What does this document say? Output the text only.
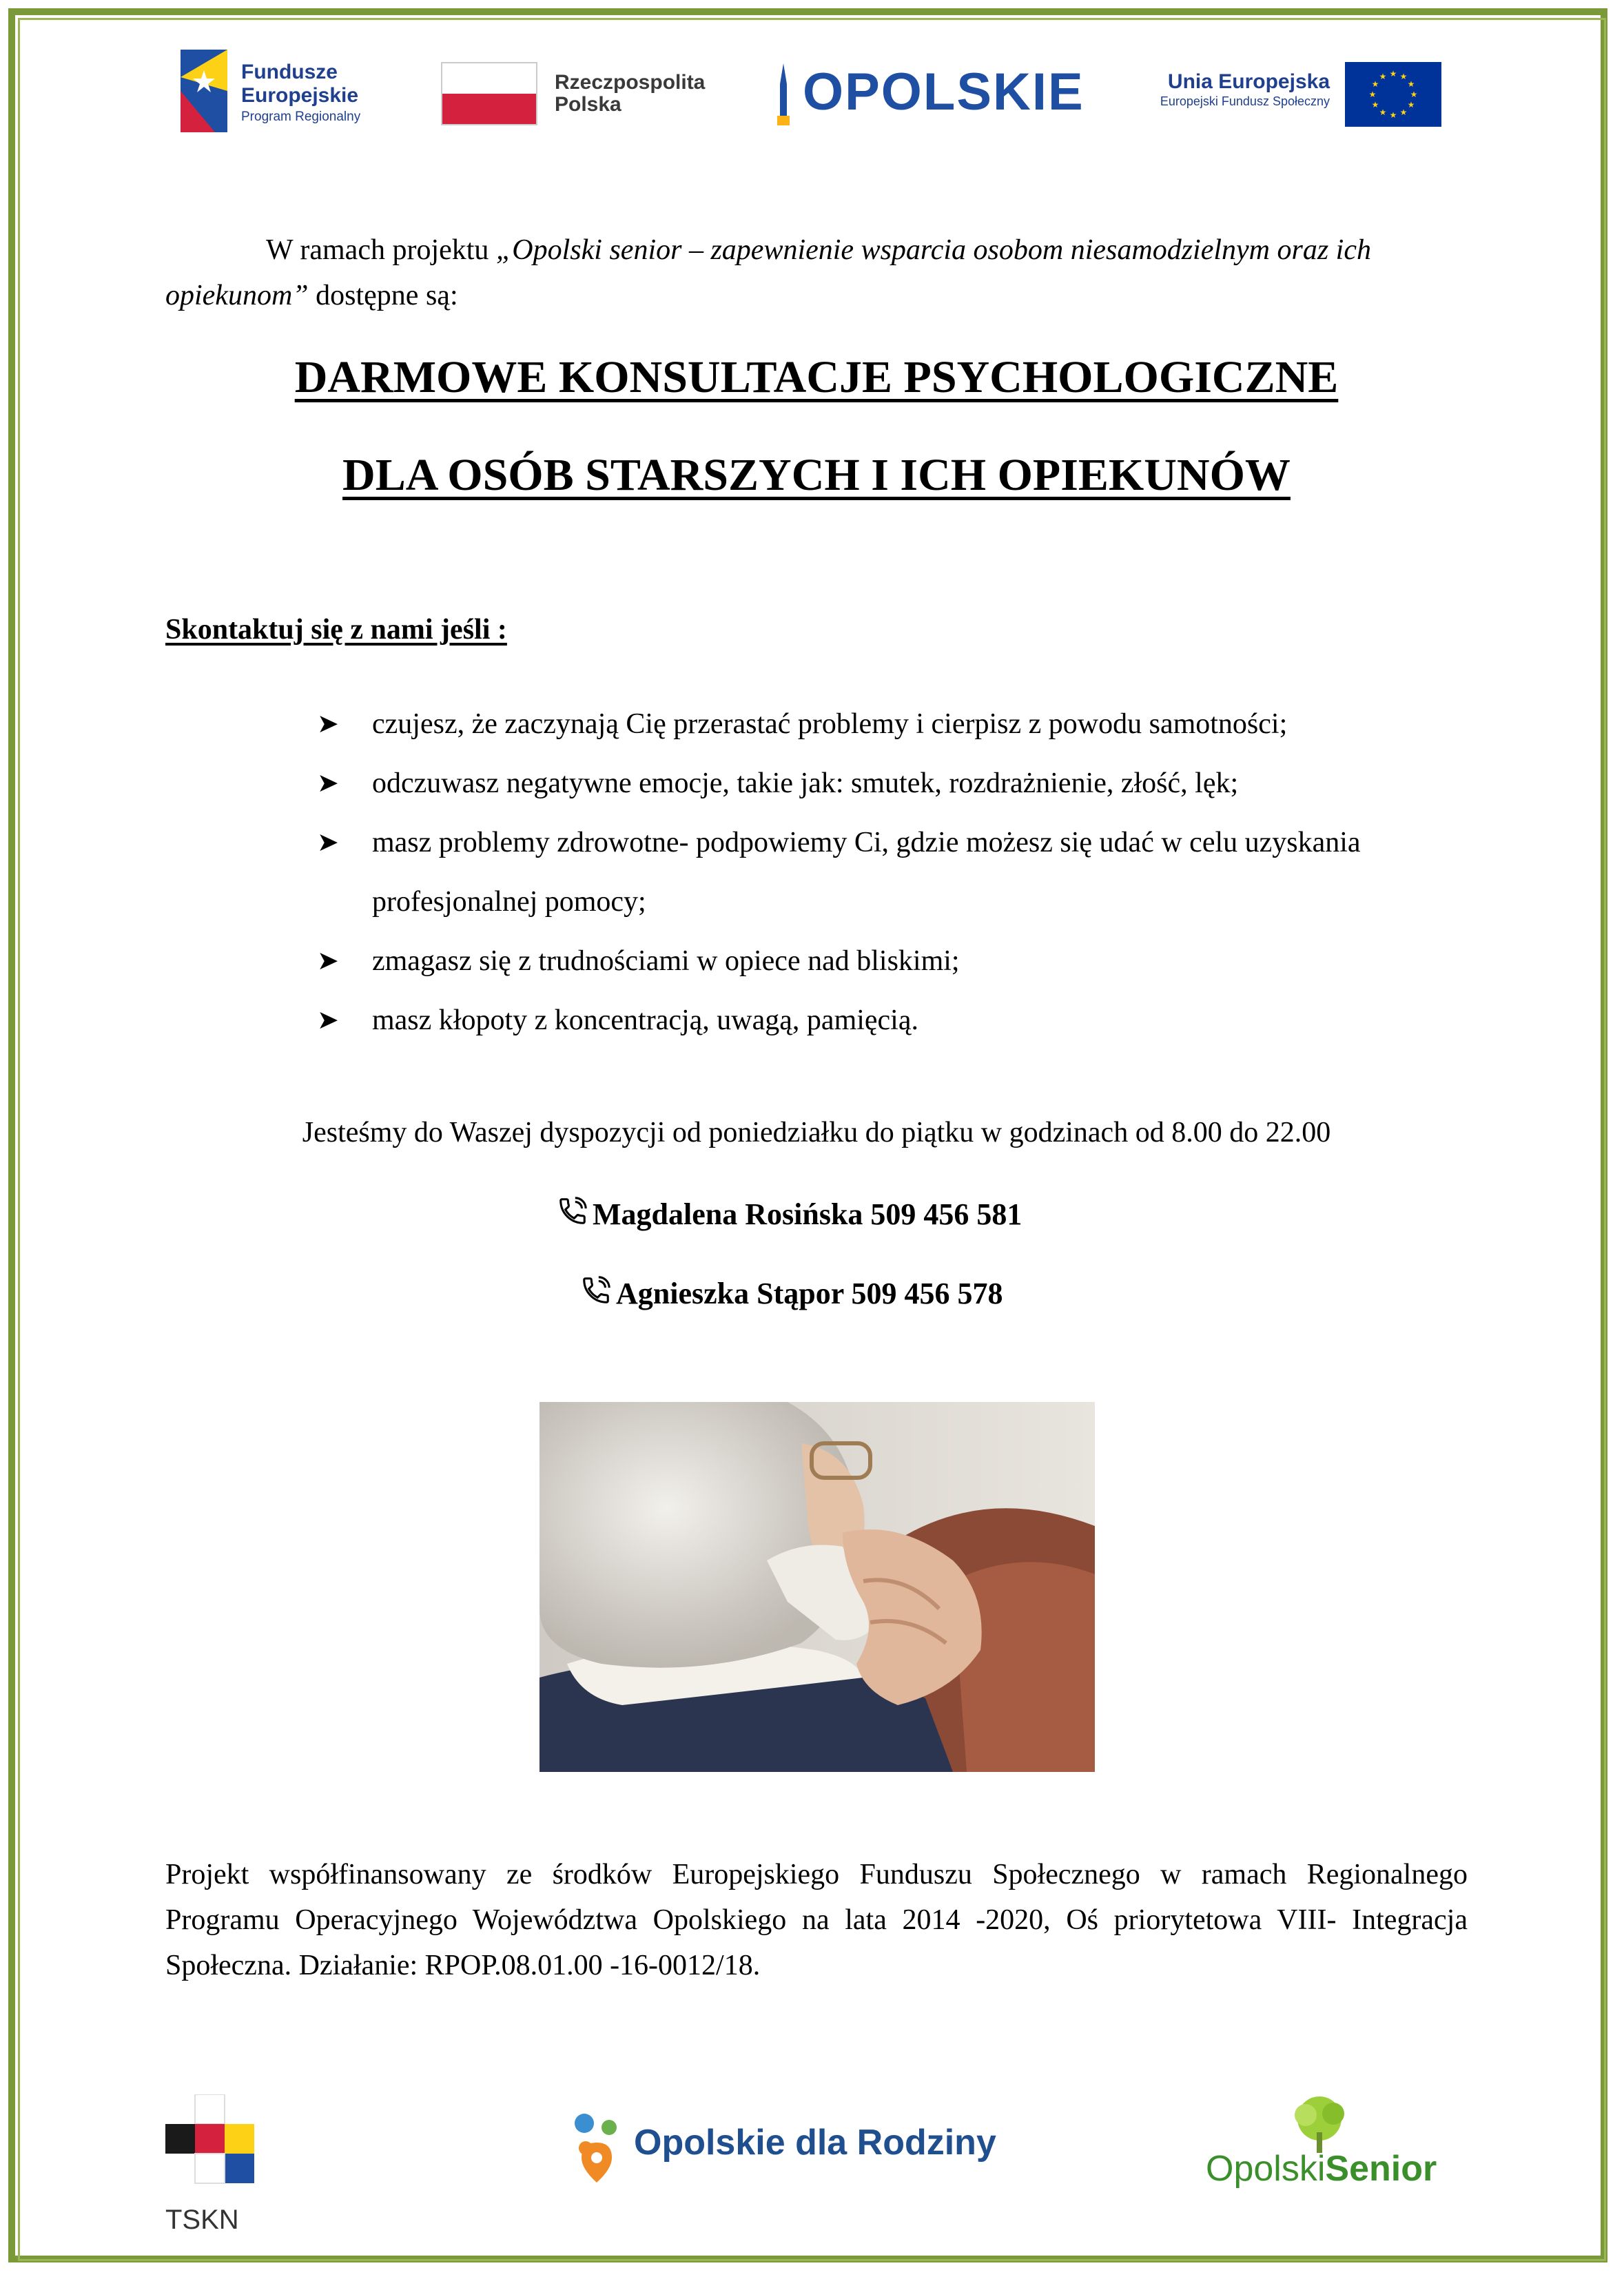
Fundusze
Europejskie
Program Regionalny
Rzeczpospolita
Polska	OPOLSKIE	Unia Europejska
Europejski Fundusz Społeczny	★
★
★
★
★
★
★
★
★ ★ ★
★
W ramach projektu „Opolski senior – zapewnienie wsparcia osobom niesamodzielnym oraz ich opiekunom” dostępne są:
DARMOWE KONSULTACJE PSYCHOLOGICZNE
DLA OSÓB STARSZYCH I ICH OPIEKUNÓW
Skontaktuj się z nami jeśli :
➤ czujesz, że zaczynają Cię przerastać problemy i cierpisz z powodu samotności;
➤ odczuwasz negatywne emocje, takie jak: smutek, rozdrażnienie, złość, lęk;
➤ masz problemy zdrowotne- podpowiemy Ci, gdzie możesz się udać w celu uzyskania profesjonalnej pomocy;
➤ zmagasz się z trudnościami w opiece nad bliskimi;
➤ masz kłopoty z koncentracją, uwagą, pamięcią.
Jesteśmy do Waszej dyspozycji od poniedziałku do piątku w godzinach od 8.00 do 22.00
Magdalena Rosińska 509 456 581
Agnieszka Stąpor 509 456 578
Projekt współfinansowany ze środków Europejskiego Funduszu Społecznego w ramach Regionalnego Programu Operacyjnego Województwa Opolskiego na lata 2014 -2020, Oś priorytetowa VIII- Integracja Społeczna. Działanie: RPOP.08.01.00 -16-0012/18.
TSKN
Opolskie dla Rodziny
OpolskiSenior
